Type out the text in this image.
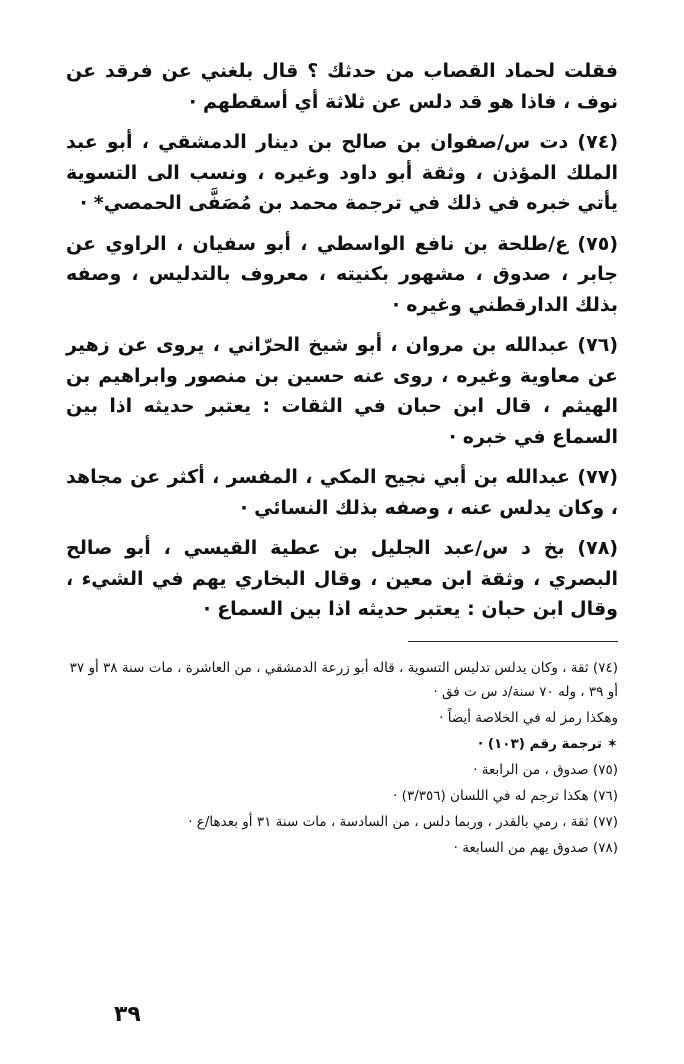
فقلت لحماد القصاب من حدثك ؟ قال بلغني عن فرقد عن نوف ، فاذا هو قد دلس عن ثلاثة أي أسقطهم ·

(٧٤) دت س/صفوان بن صالح بن دينار الدمشقي ، أبو عبد الملك المؤذن ، وثقة أبو داود وغيره ، ونسب الى التسوية يأتي خبره في ذلك في ترجمة محمد بن مُصَفَّى الحمصي* ·

(٧٥) ع/طلحة بن نافع الواسطي ، أبو سفيان ، الراوي عن جابر ، صدوق ، مشهور بكنيته ، معروف بالتدليس ، وصفه بذلك الدارقطني وغيره ·

(٧٦) عبدالله بن مروان ، أبو شيخ الحرّاني ، يروى عن زهير عن معاوية وغيره ، روى عنه حسين بن منصور وابراهيم بن الهيثم ، قال ابن حبان في الثقات : يعتبر حديثه اذا بين السماع في خبره ·

(٧٧) عبدالله بن أبي نجيح المكي ، المفسر ، أكثر عن مجاهد ، وكان يدلس عنه ، وصفه بذلك النسائي ·

(٧٨) بخ د س/عبد الجليل بن عطية القيسي ، أبو صالح البصري ، وثقة ابن معين ، وقال البخاري يهم في الشيء ، وقال ابن حبان : يعتبر حديثه اذا بين السماع ·

(٧٤) ثقة ، وكان يدلس تدليس التسوية ، قاله أبو زرعة الدمشقي ، من العاشرة ، مات سنة ٣٨ أو ٣٧ أو ٣٩ ، وله ٧٠ سنة/د س ت فق ·

وهكذا رمز له في الخلاصة أيضاً ·

✶ ترجمة رقم (١٠٣) ·

(٧٥) صدوق ، من الرابعة ·

(٧٦) هكذا ترجم له في اللسان (٣/٣٥٦) ·

(٧٧) ثقة ، رمي بالقدر ، وربما دلس ، من السادسة ، مات سنة ٣١ أو بعدها/ع ·

(٧٨) صدوق يهم من السابعة ·

٣٩
